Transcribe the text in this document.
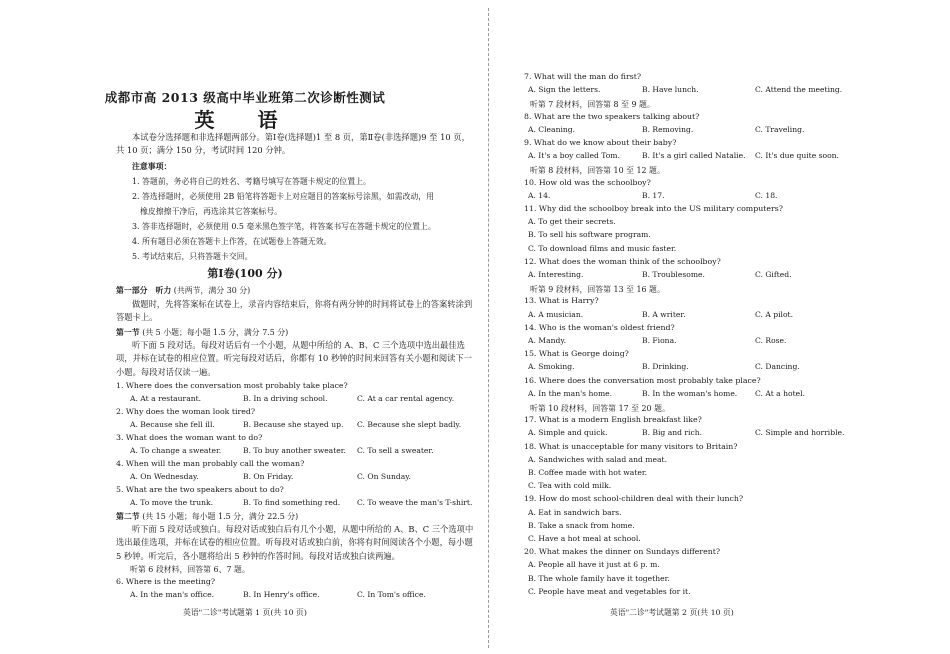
成都市高 2013 级高中毕业班第二次诊断性测试
英 语
本试卷分选择题和非选择题两部分。第Ⅰ卷(选择题)1 至 8 页，第Ⅱ卷(非选择题)9 至 10 页，共 10 页；满分 150 分，考试时间 120 分钟。
注意事项：
1. 答题前，务必将自己的姓名、考籍号填写在答题卡规定的位置上。
2. 答选择题时，必须使用 2B 铅笔将答题卡上对应题目的答案标号涂黑，如需改动，用
橡皮擦擦干净后，再选涂其它答案标号。
3. 答非选择题时，必须使用 0.5 毫米黑色签字笔，将答案书写在答题卡规定的位置上。
4. 所有题目必须在答题卡上作答，在试题卷上答题无效。
5. 考试结束后，只将答题卡交回。
第Ⅰ卷(100 分)
第一部分　听力 (共两节，满分 30 分)
做题时，先将答案标在试卷上，录音内容结束后，你将有两分钟的时间将试卷上的答案转涂到答题卡上。
第一节 (共 5 小题；每小题 1.5 分，满分 7.5 分)
听下面 5 段对话。每段对话后有一个小题，从题中所给的 A、B、C 三个选项中选出最佳选项，并标在试卷的相应位置。听完每段对话后，你都有 10 秒钟的时间来回答有关小题和阅读下一小题。每段对话仅读一遍。
1. Where does the conversation most probably take place?
A. At a restaurant.	B. In a driving school.	C. At a car rental agency.
2. Why does the woman look tired?
A. Because she fell ill.	B. Because she stayed up. C. Because she slept badly.
3. What does the woman want to do?
A. To change a sweater.	B. To buy another sweater. C. To sell a sweater.
4. When will the man probably call the woman?
A. On Wednesday.	B. On Friday.	C. On Sunday.
5. What are the two speakers about to do?
A. To move the trunk.	B. To find something red. C. To weave the man's T-shirt.
第二节 (共 15 小题；每小题 1.5 分，满分 22.5 分)
听下面 5 段对话或独白。每段对话或独白后有几个小题，从题中所给的 A、B、C 三个选项中选出最佳选项，并标在试卷的相应位置。听每段对话或独白前，你将有时间阅读各个小题，每小题 5 秒钟。听完后，各小题将给出 5 秒钟的作答时间。每段对话或独白读两遍。
听第 6 段材料，回答第 6、7 题。
6. Where is the meeting?
A. In the man's office.	B. In Henry's office.	C. In Tom's office.
英语"二诊"考试题第 1 页(共 10 页)
7. What will the man do first?
A. Sign the letters.	B. Have lunch.	C. Attend the meeting.
听第 7 段材料，回答第 8 至 9 题。
8. What are the two speakers talking about?
A. Cleaning.	B. Removing.	C. Traveling.
9. What do we know about their baby?
A. It's a boy called Tom.	B. It's a girl called Natalie. C. It's due quite soon.
听第 8 段材料，回答第 10 至 12 题。
10. How old was the schoolboy?
A. 14.	B. 17.	C. 18.
11. Why did the schoolboy break into the US military computers?
A. To get their secrets.
B. To sell his software program.
C. To download films and music faster.
12. What does the woman think of the schoolboy?
A. Interesting.	B. Troublesome.	C. Gifted.
听第 9 段材料，回答第 13 至 16 题。
13. What is Harry?
A. A musician.	B. A writer.	C. A pilot.
14. Who is the woman's oldest friend?
A. Mandy.	B. Fiona.	C. Rose.
15. What is George doing?
A. Smoking.	B. Drinking.	C. Dancing.
16. Where does the conversation most probably take place?
A. In the man's home.	B. In the woman's home. C. At a hotel.
听第 10 段材料，回答第 17 至 20 题。
17. What is a modern English breakfast like?
A. Simple and quick.	B. Big and rich.	C. Simple and horrible.
18. What is unacceptable for many visitors to Britain?
A. Sandwiches with salad and meat.
B. Coffee made with hot water.
C. Tea with cold milk.
19. How do most school-children deal with their lunch?
A. Eat in sandwich bars.
B. Take a snack from home.
C. Have a hot meal at school.
20. What makes the dinner on Sundays different?
A. People all have it just at 6 p. m.
B. The whole family have it together.
C. People have meat and vegetables for it.
英语"二诊"考试题第 2 页(共 10 页)
